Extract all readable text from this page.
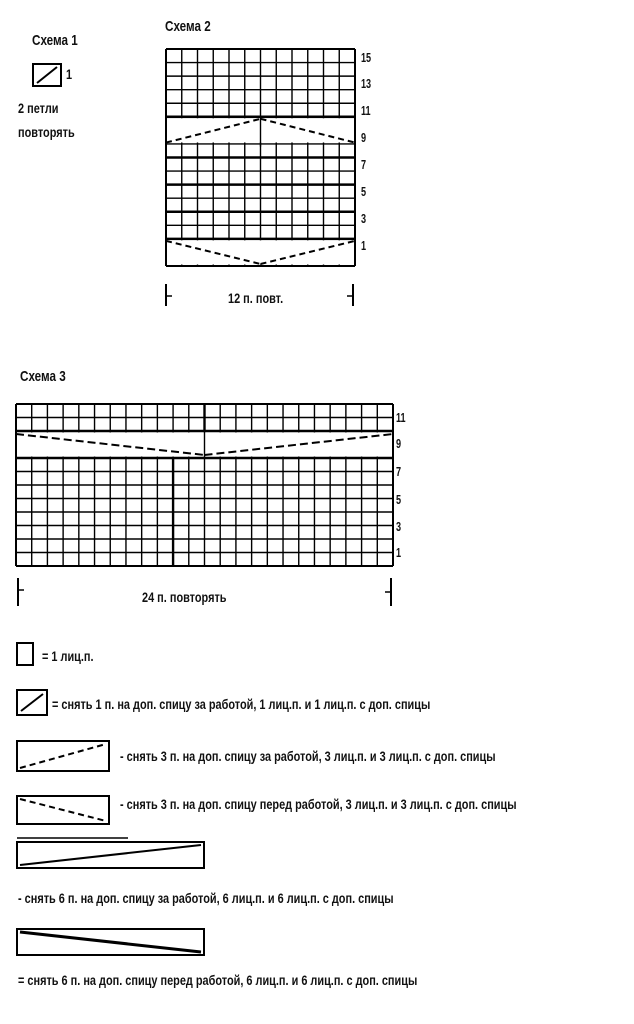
Схема 1
1
2 петли
повторять
Схема 2
15
13
11
9
7
5
3
1
12 п. повт.
Схема 3
11
9
7
5
3
1
24 п. повторять
= 1 лиц.п.
= снять 1 п. на доп. спицу за работой, 1 лиц.п. и 1 лиц.п. с доп. спицы
- снять 3 п. на доп. спицу за работой, 3 лиц.п. и 3 лиц.п. с доп. спицы
- снять 3 п. на доп. спицу перед работой, 3 лиц.п. и 3 лиц.п. с доп. спицы
- снять 6 п. на доп. спицу за работой, 6 лиц.п. и 6 лиц.п. с доп. спицы
= снять 6 п. на доп. спицу перед работой, 6 лиц.п. и 6 лиц.п. с доп. спицы
